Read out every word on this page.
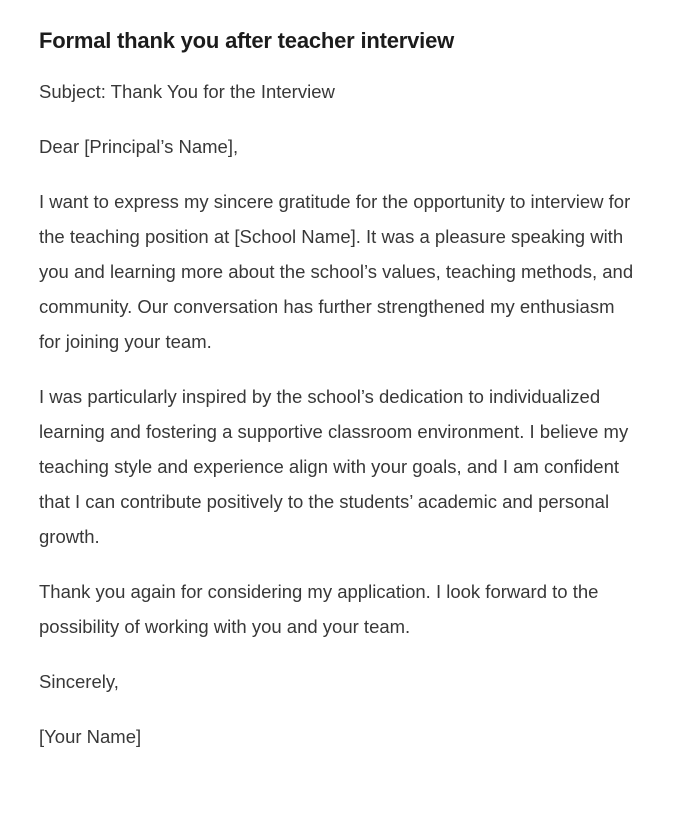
Formal thank you after teacher interview

Subject: Thank You for the Interview

Dear [Principal’s Name],

I want to express my sincere gratitude for the opportunity to interview for the teaching position at [School Name]. It was a pleasure speaking with you and learning more about the school’s values, teaching methods, and community. Our conversation has further strengthened my enthusiasm for joining your team.

I was particularly inspired by the school’s dedication to individualized learning and fostering a supportive classroom environment. I believe my teaching style and experience align with your goals, and I am confident that I can contribute positively to the students’ academic and personal growth.

Thank you again for considering my application. I look forward to the possibility of working with you and your team.

Sincerely,

[Your Name]
